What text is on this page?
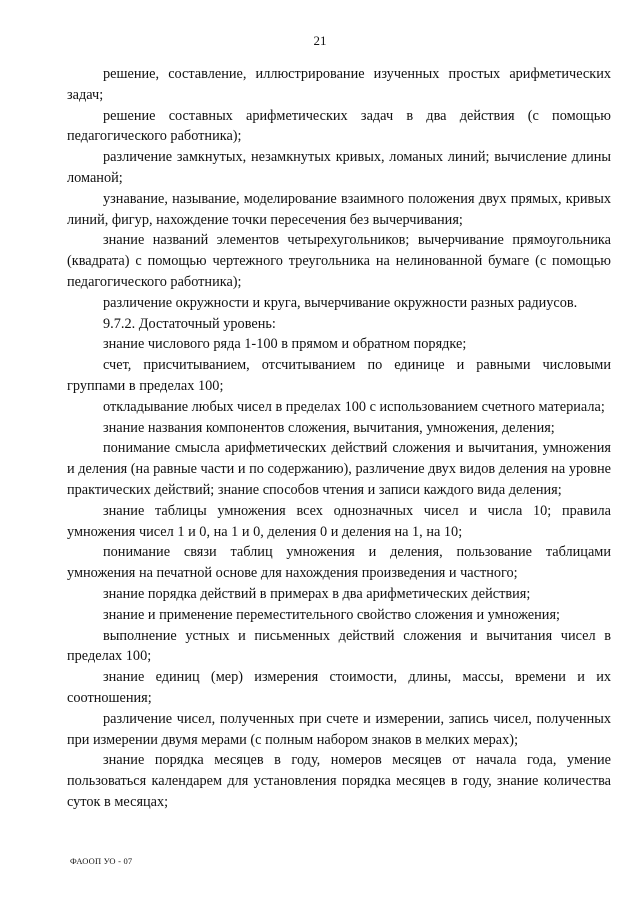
21

решение, составление, иллюстрирование изученных простых арифметических задач;

решение составных арифметических задач в два действия (с помощью педагогического работника);

различение замкнутых, незамкнутых кривых, ломаных линий; вычисление длины ломаной;

узнавание, называние, моделирование взаимного положения двух прямых, кривых линий, фигур, нахождение точки пересечения без вычерчивания;

знание названий элементов четырехугольников; вычерчивание прямоугольника (квадрата) с помощью чертежного треугольника на нелинованной бумаге (с помощью педагогического работника);

различение окружности и круга, вычерчивание окружности разных радиусов.

9.7.2. Достаточный уровень:

знание числового ряда 1-100 в прямом и обратном порядке;

счет, присчитыванием, отсчитыванием по единице и равными числовыми группами в пределах 100;

откладывание любых чисел в пределах 100 с использованием счетного материала;

знание названия компонентов сложения, вычитания, умножения, деления;

понимание смысла арифметических действий сложения и вычитания, умножения и деления (на равные части и по содержанию), различение двух видов деления на уровне практических действий; знание способов чтения и записи каждого вида деления;

знание таблицы умножения всех однозначных чисел и числа 10; правила умножения чисел 1 и 0, на 1 и 0, деления 0 и деления на 1, на 10;

понимание связи таблиц умножения и деления, пользование таблицами умножения на печатной основе для нахождения произведения и частного;

знание порядка действий в примерах в два арифметических действия;

знание и применение переместительного свойство сложения и умножения;

выполнение устных и письменных действий сложения и вычитания чисел в пределах 100;

знание единиц (мер) измерения стоимости, длины, массы, времени и их соотношения;

различение чисел, полученных при счете и измерении, запись чисел, полученных при измерении двумя мерами (с полным набором знаков в мелких мерах);

знание порядка месяцев в году, номеров месяцев от начала года, умение пользоваться календарем для установления порядка месяцев в году, знание количества суток в месяцах;

ФАООП УО - 07
